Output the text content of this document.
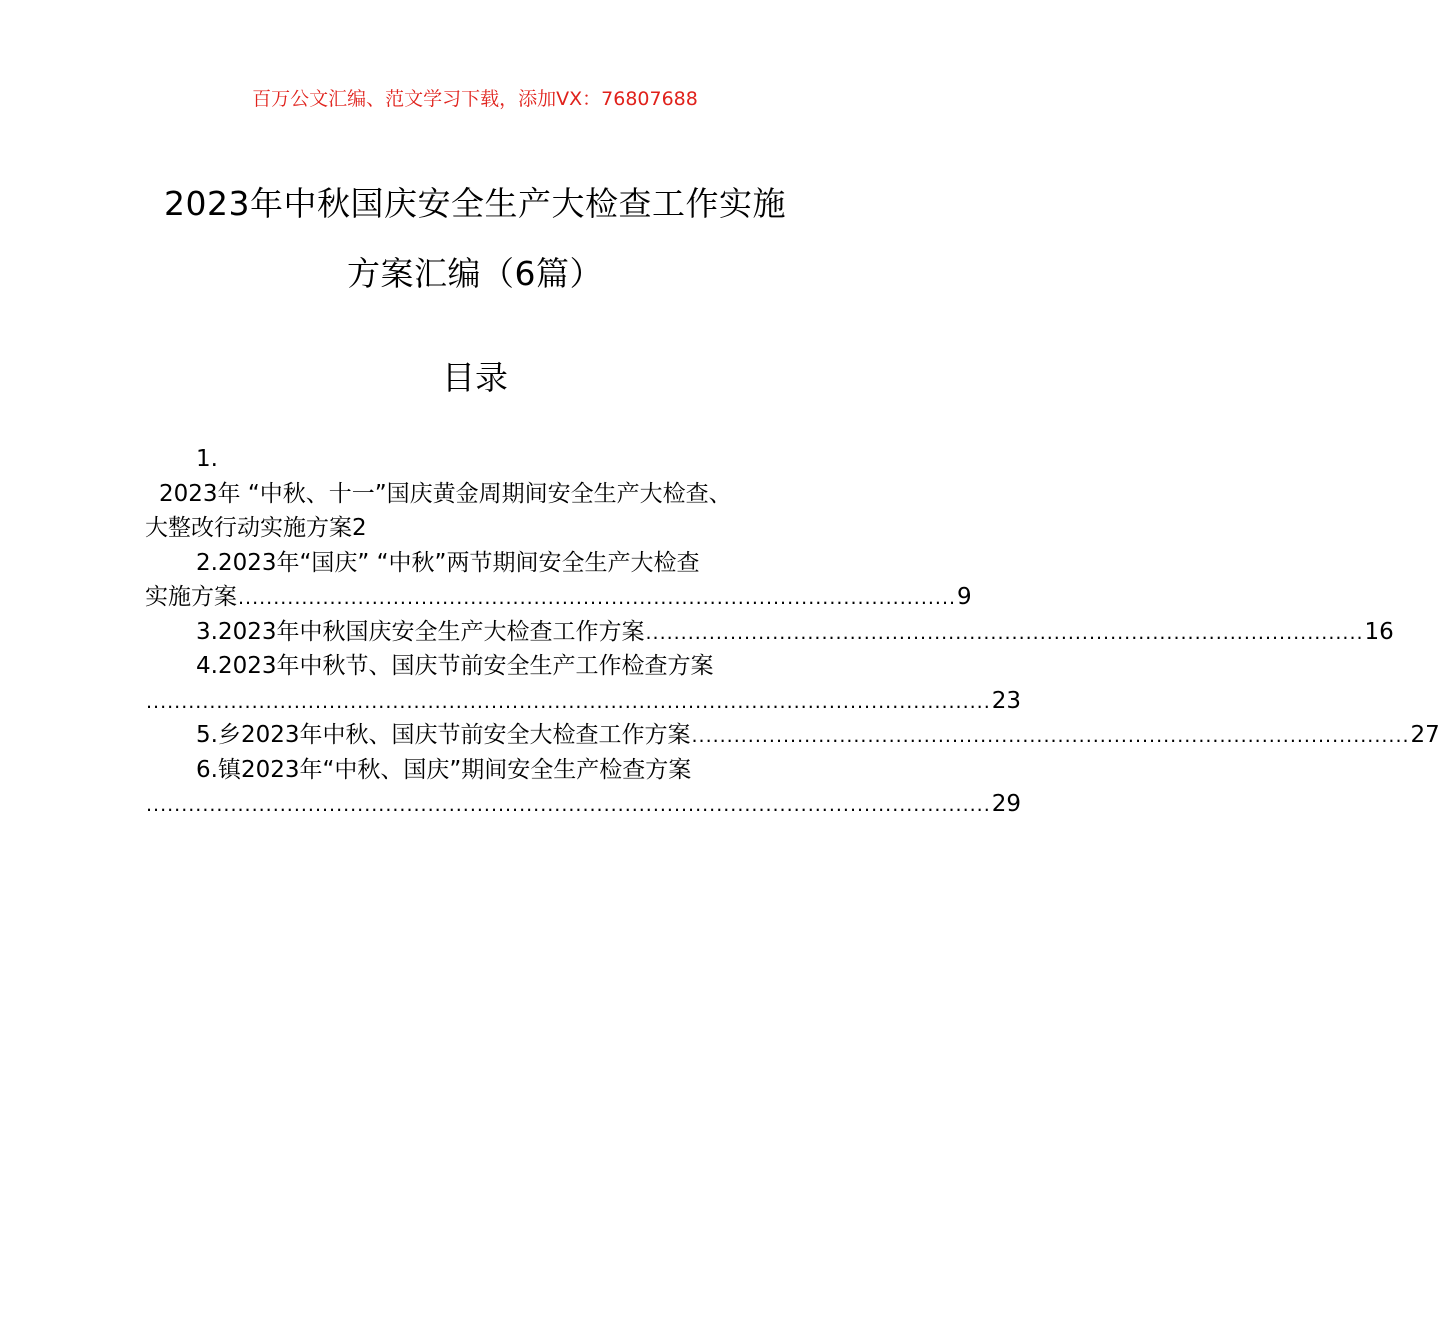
百万公文汇编、范文学习下载，添加VX：76807688
2023年中秋国庆安全生产大检查工作实施
方案汇编（6篇）
目录
1.
2023年 “中秋、十一”国庆黄金周期间安全生产大检查、
大整改行动实施方案2
2.2023年“国庆” “中秋”两节期间安全生产大检查
实施方案 ...................................................................................................... 9
3.2023年中秋国庆安全生产大检查工作方案 ...................................................................................................... 16
4.2023年中秋节、国庆节前安全生产工作检查方案
........................................................................................................................ 23
5.乡2023年中秋、国庆节前安全大检查工作方案 ...................................................................................................... 27
6.镇2023年“中秋、国庆”期间安全生产检查方案
........................................................................................................................ 29
